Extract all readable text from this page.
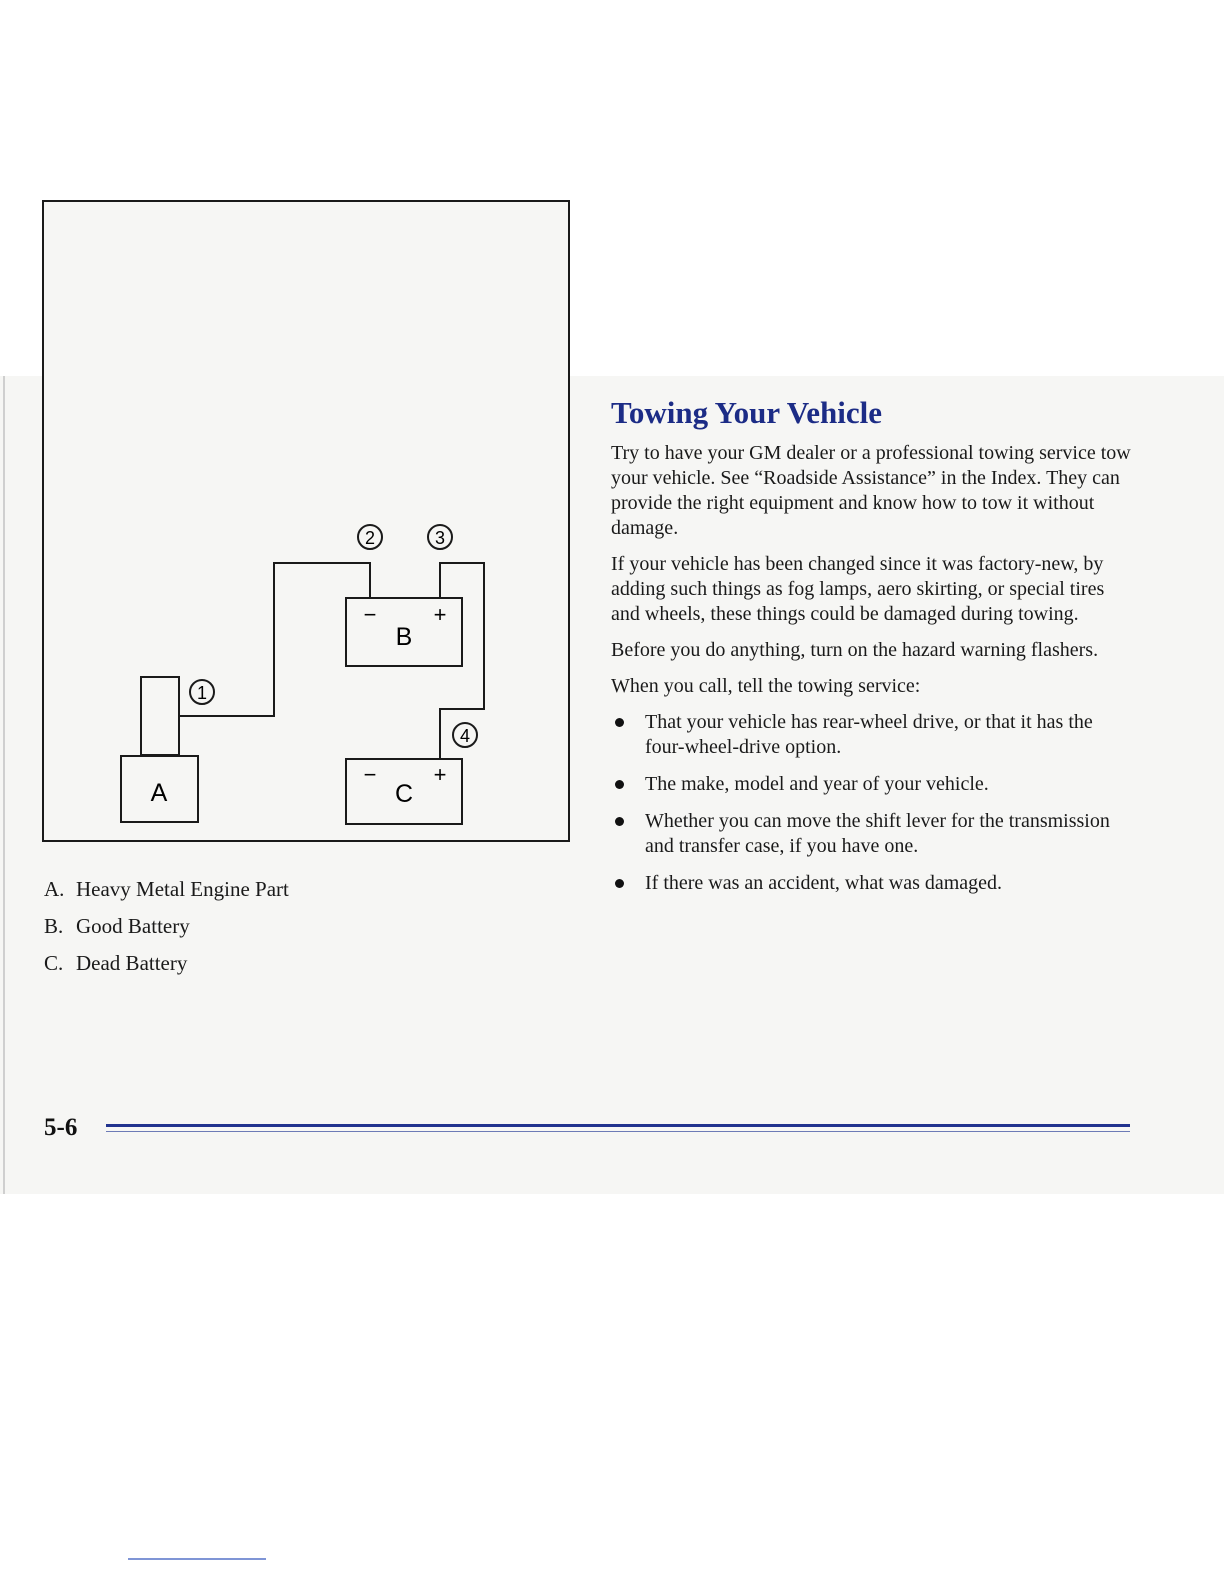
A
−	+
B
−	+
C
1
2	3
4
A. Heavy Metal Engine Part
B. Good Battery
C. Dead Battery
Towing Your Vehicle

Try to have your GM dealer or a professional towing service tow your vehicle. See “Roadside Assistance” in the Index. They can provide the right equipment and know how to tow it without damage.

If your vehicle has been changed since it was factory-new, by adding such things as fog lamps, aero skirting, or special tires and wheels, these things could be damaged during towing.

Before you do anything, turn on the hazard warning flashers.

When you call, tell the towing service:

That your vehicle has rear-wheel drive, or that it has the four-wheel-drive option.
The make, model and year of your vehicle.
Whether you can move the shift lever for the transmission and transfer case, if you have one.
If there was an accident, what was damaged.
5-6
